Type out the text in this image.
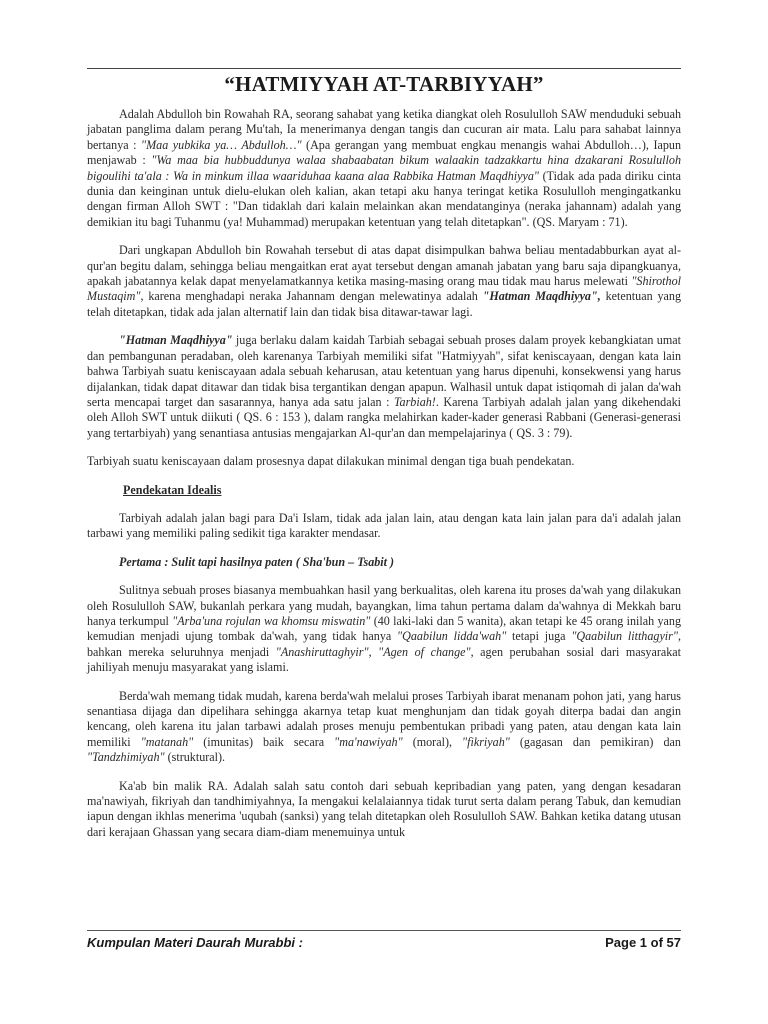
“HATMIYYAH AT-TARBIYYAH”

Adalah Abdulloh bin Rowahah RA, seorang sahabat yang ketika diangkat oleh Rosululloh SAW menduduki sebuah jabatan panglima dalam perang Mu'tah, Ia menerimanya dengan tangis dan cucuran air mata. Lalu para sahabat lainnya bertanya : "Maa yubkika ya… Abdulloh…" (Apa gerangan yang membuat engkau menangis wahai Abdulloh…), Iapun menjawab : "Wa maa bia hubbuddunya walaa shabaabatan bikum walaakin tadzakkartu hina dzakarani Rosululloh bigoulihi ta'ala : Wa in minkum illaa waariduhaa kaana alaa Rabbika Hatman Maqdhiyya" (Tidak ada pada diriku cinta dunia dan keinginan untuk dielu-elukan oleh kalian, akan tetapi aku hanya teringat ketika Rosululloh mengingatkanku dengan firman Alloh SWT : "Dan tidaklah dari kalain melainkan akan mendatanginya (neraka jahannam) adalah yang demikian itu bagi Tuhanmu (ya! Muhammad) merupakan ketentuan yang telah ditetapkan". (QS. Maryam : 71).

Dari ungkapan Abdulloh bin Rowahah tersebut di atas dapat disimpulkan bahwa beliau mentadabburkan ayat al-qur'an begitu dalam, sehingga beliau mengaitkan erat ayat tersebut dengan amanah jabatan yang baru saja dipangkuanya, apakah jabatannya kelak dapat menyelamatkannya ketika masing-masing orang mau tidak mau harus melewati "Shirothol Mustaqim", karena menghadapi neraka Jahannam dengan melewatinya adalah "Hatman Maqdhiyya", ketentuan yang telah ditetapkan, tidak ada jalan alternatif lain dan tidak bisa ditawar-tawar lagi.

"Hatman Maqdhiyya" juga berlaku dalam kaidah Tarbiah sebagai sebuah proses dalam proyek kebangkiatan umat dan pembangunan peradaban, oleh karenanya Tarbiyah memiliki sifat "Hatmiyyah", sifat keniscayaan, dengan kata lain bahwa Tarbiyah suatu keniscayaan adala sebuah keharusan, atau ketentuan yang harus dipenuhi, konsekwensi yang harus dijalankan, tidak dapat ditawar dan tidak bisa tergantikan dengan apapun. Walhasil untuk dapat istiqomah di jalan da'wah serta mencapai target dan sasarannya, hanya ada satu jalan : Tarbiah!. Karena Tarbiyah adalah jalan yang dikehendaki oleh Alloh SWT untuk diikuti ( QS. 6 : 153 ), dalam rangka melahirkan kader-kader generasi Rabbani (Generasi-generasi yang tertarbiyah) yang senantiasa antusias mengajarkan Al-qur'an dan mempelajarinya ( QS. 3 : 79).

Tarbiyah suatu keniscayaan dalam prosesnya dapat dilakukan minimal dengan tiga buah pendekatan.

Pendekatan Idealis

Tarbiyah adalah jalan bagi para Da'i Islam, tidak ada jalan lain, atau dengan kata lain jalan para da'i adalah jalan tarbawi yang memiliki paling sedikit tiga karakter mendasar.

Pertama : Sulit tapi hasilnya paten ( Sha'bun – Tsabit )

Sulitnya sebuah proses biasanya membuahkan hasil yang berkualitas, oleh karena itu proses da'wah yang dilakukan oleh Rosululloh SAW, bukanlah perkara yang mudah, bayangkan, lima tahun pertama dalam da'wahnya di Mekkah baru hanya terkumpul "Arba'una rojulan wa khomsu miswatin" (40 laki-laki dan 5 wanita), akan tetapi ke 45 orang inilah yang kemudian menjadi ujung tombak da'wah, yang tidak hanya "Qaabilun lidda'wah" tetapi juga "Qaabilun litthagyir", bahkan mereka seluruhnya menjadi "Anashiruttaghyir", "Agen of change", agen perubahan sosial dari masyarakat jahiliyah menuju masyarakat yang islami.

Berda'wah memang tidak mudah, karena berda'wah melalui proses Tarbiyah ibarat menanam pohon jati, yang harus senantiasa dijaga dan dipelihara sehingga akarnya tetap kuat menghunjam dan tidak goyah diterpa badai dan angin kencang, oleh karena itu jalan tarbawi adalah proses menuju pembentukan pribadi yang paten, atau dengan kata lain memiliki "matanah" (imunitas) baik secara "ma'nawiyah" (moral), "fikriyah" (gagasan dan pemikiran) dan "Tandzhimiyah" (struktural).

Ka'ab bin malik RA. Adalah salah satu contoh dari sebuah kepribadian yang paten, yang dengan kesadaran ma'nawiyah, fikriyah dan tandhimiyahnya, Ia mengakui kelalaiannya tidak turut serta dalam perang Tabuk, dan kemudian iapun dengan ikhlas menerima 'uqubah (sanksi) yang telah ditetapkan oleh Rosululloh SAW. Bahkan ketika datang utusan dari kerajaan Ghassan yang secara diam-diam menemuinya untuk

Kumpulan Materi Daurah Murabbi :	Page 1 of 57
